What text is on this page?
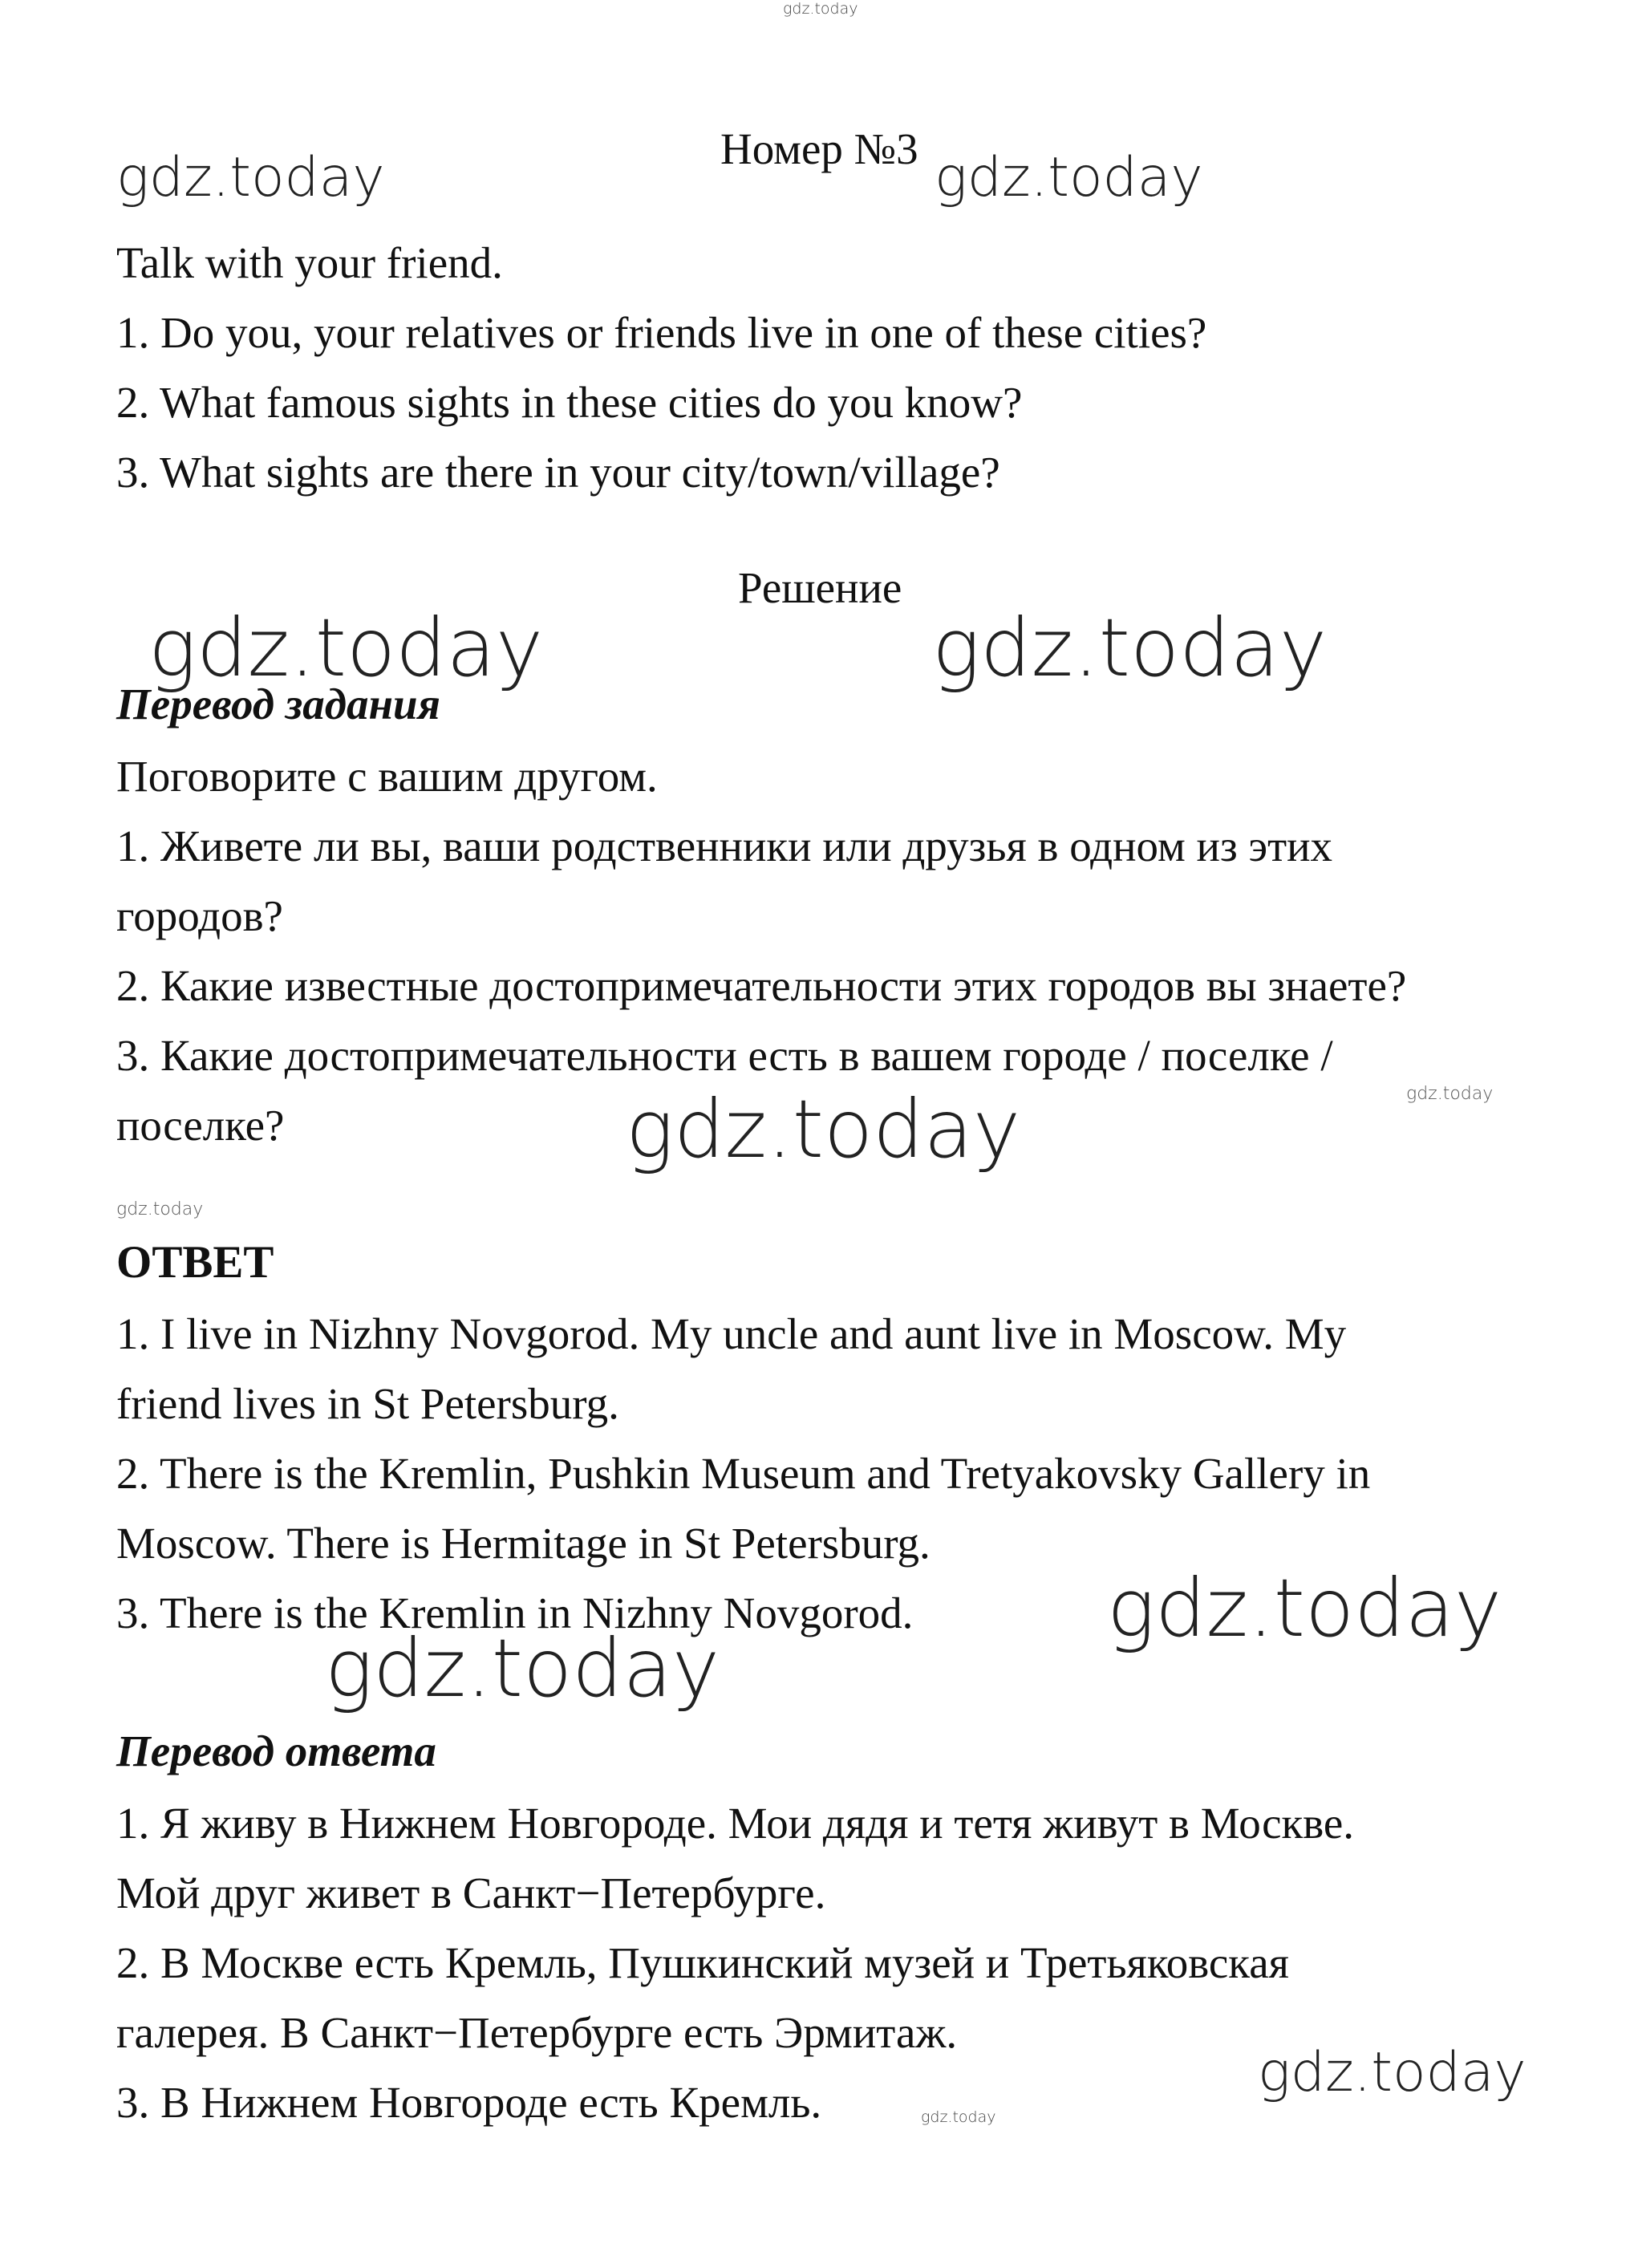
gdz.today
gdz.today	gdz.today
gdz.today	gdz.today
gdz.today
gdz.today
gdz.today
gdz.today
gdz.today
gdz.today
gdz.today
Номер №3
Talk with your friend.
1. Do you, your relatives or friends live in one of these cities?
2. What famous sights in these cities do you know?
3. What sights are there in your city/town/village?
Решение
Перевод задания
Поговорите с вашим другом.
1. Живете ли вы, ваши родственники или друзья в одном из этих
городов?
2. Какие известные достопримечательности этих городов вы знаете?
3. Какие достопримечательности есть в вашем городе / поселке /
поселке?
ОТВЕТ
1. I live in Nizhny Novgorod. My uncle and aunt live in Moscow. My
friend lives in St Petersburg.
2. There is the Kremlin, Pushkin Museum and Tretyakovsky Gallery in
Moscow. There is Hermitage in St Petersburg.
3. There is the Kremlin in Nizhny Novgorod.
Перевод ответа
1. Я живу в Нижнем Новгороде. Мои дядя и тетя живут в Москве.
Мой друг живет в Санкт−Петербурге.
2. В Москве есть Кремль, Пушкинский музей и Третьяковская
галерея. В Санкт−Петербурге есть Эрмитаж.
3. В Нижнем Новгороде есть Кремль.
